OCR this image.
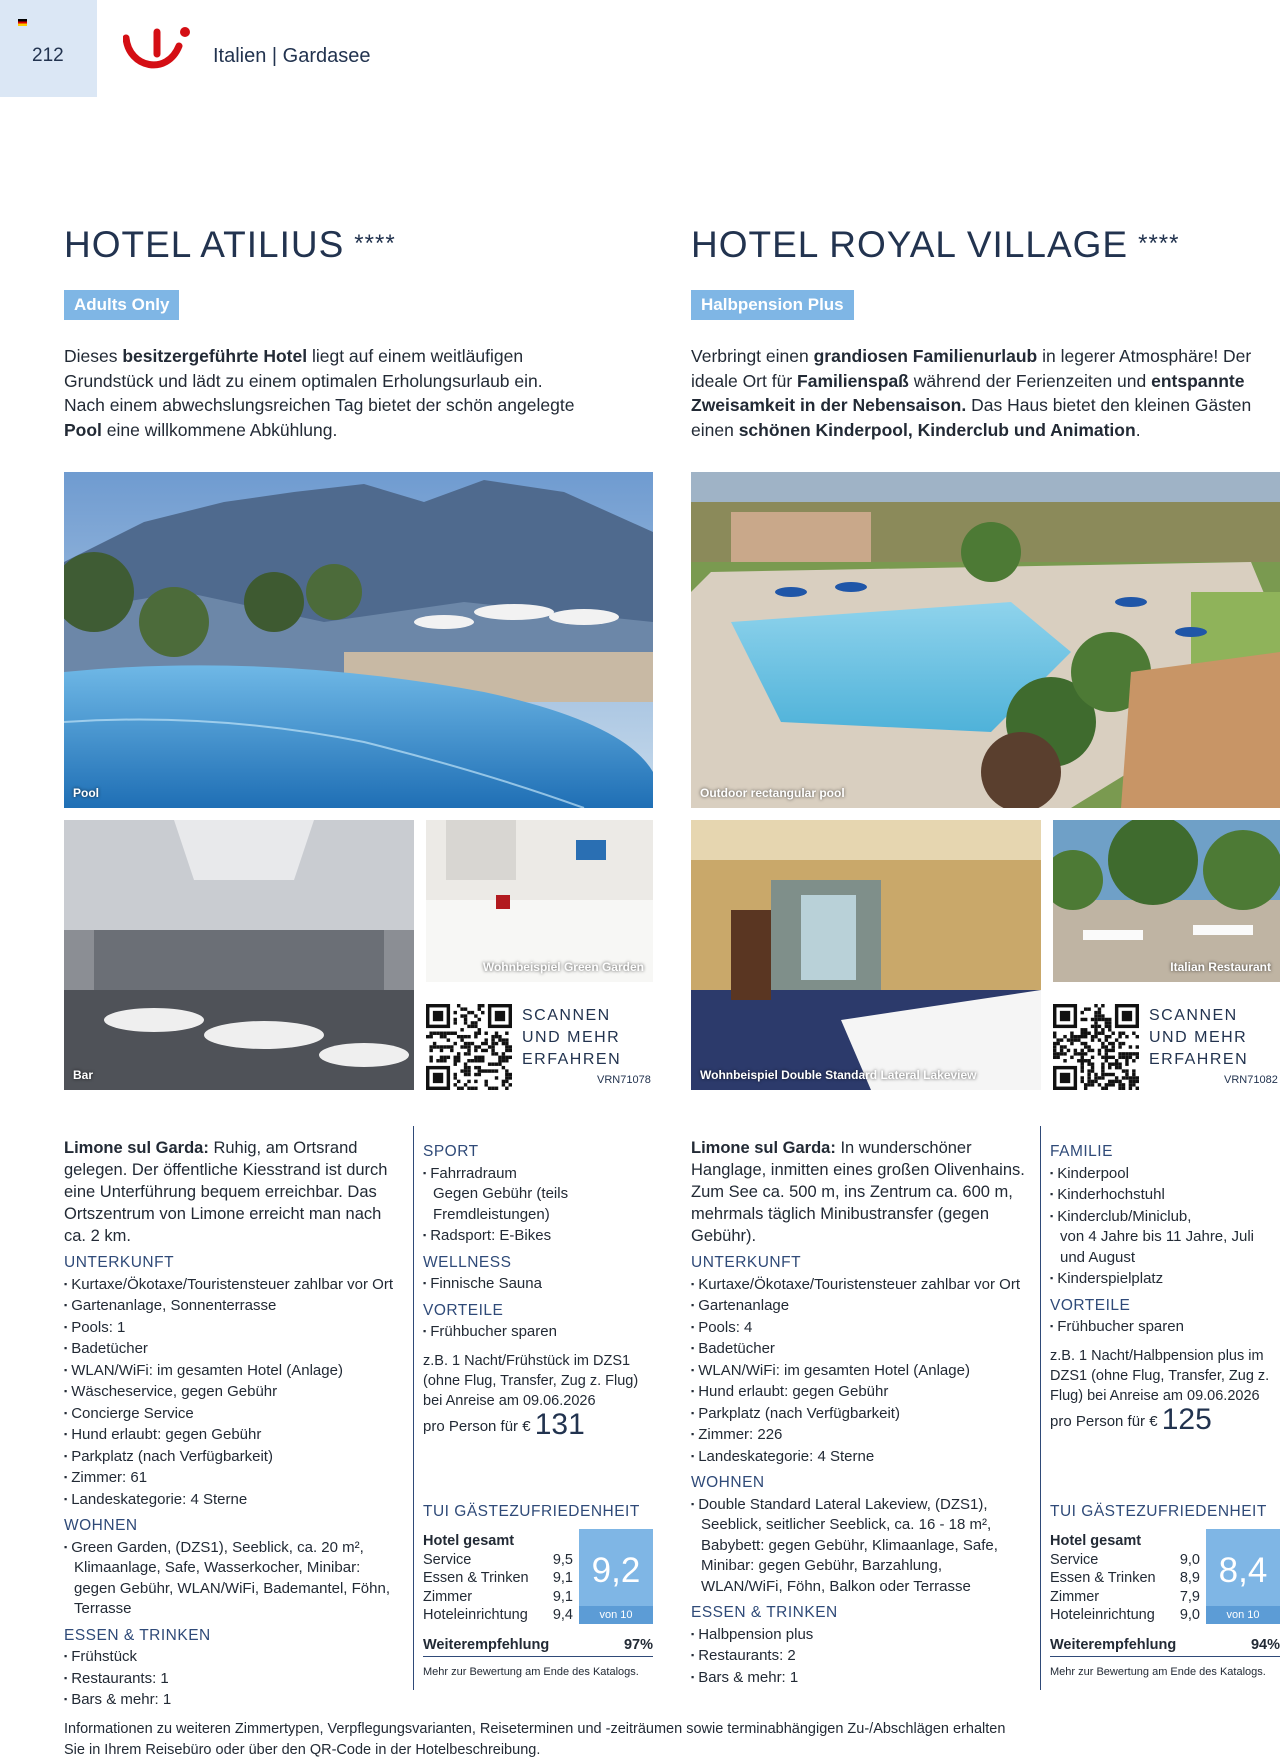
212	Italien | Gardasee
HOTEL ATILIUS ****
Adults Only
Dieses besitzergeführte Hotel liegt auf einem weitläufigen Grundstück und lädt zu einem optimalen Erholungsurlaub ein. Nach einem abwechslungsreichen Tag bietet der schön angelegte Pool eine willkommene Abkühlung.
Pool
Bar
Wohnbeispiel Green Garden
SCANNEN
UND MEHR
ERFAHREN
VRN71078
Limone sul Garda: Ruhig, am Ortsrand gelegen. Der öffentliche Kiesstrand ist durch eine Unterführung bequem erreichbar. Das Ortszentrum von Limone erreicht man nach ca. 2 km.
UNTERKUNFT
▪ Kurtaxe/Ökotaxe/Touristensteuer zahlbar vor Ort
▪ Gartenanlage, Sonnenterrasse
▪ Pools: 1
▪ Badetücher
▪ WLAN/WiFi: im gesamten Hotel (Anlage)
▪ Wäscheservice, gegen Gebühr
▪ Concierge Service
▪ Hund erlaubt: gegen Gebühr
▪ Parkplatz (nach Verfügbarkeit)
▪ Zimmer: 61
▪ Landeskategorie: 4 Sterne
WOHNEN
▪ Green Garden, (DZS1), Seeblick, ca. 20 m², Klimaanlage, Safe, Wasserkocher, Minibar: gegen Gebühr, WLAN/WiFi, Bademantel, Föhn, Terrasse
ESSEN & TRINKEN
▪ Frühstück
▪ Restaurants: 1
▪ Bars & mehr: 1
SPORT
▪ Fahrradraum
Gegen Gebühr (teils Fremdleistungen)
▪ Radsport: E-Bikes
WELLNESS
▪ Finnische Sauna
VORTEILE
▪ Frühbucher sparen
z.B. 1 Nacht/Frühstück im DZS1 (ohne Flug, Transfer, Zug z. Flug) bei Anreise am 09.06.2026
pro Person für € 131
TUI GÄSTEZUFRIEDENHEIT
Hotel gesamt
Service	9,5
Essen & Trinken 9,1
Zimmer	9,1
Hoteleinrichtung 9,4
9,2
von 10
Weiterempfehlung	97%
Mehr zur Bewertung am Ende des Katalogs.
HOTEL ROYAL VILLAGE ****
Halbpension Plus
Verbringt einen grandiosen Familienurlaub in legerer Atmosphäre! Der ideale Ort für Familienspaß während der Ferienzeiten und entspannte Zweisamkeit in der Nebensaison. Das Haus bietet den kleinen Gästen einen schönen Kinderpool, Kinderclub und Animation.
Outdoor rectangular pool
Wohnbeispiel Double Standard Lateral Lakeview
Italian Restaurant
SCANNEN
UND MEHR
ERFAHREN
VRN71082
Limone sul Garda: In wunderschöner Hanglage, inmitten eines großen Olivenhains. Zum See ca. 500 m, ins Zentrum ca. 600 m, mehrmals täglich Minibustransfer (gegen Gebühr).
UNTERKUNFT
▪ Kurtaxe/Ökotaxe/Touristensteuer zahlbar vor Ort
▪ Gartenanlage
▪ Pools: 4
▪ Badetücher
▪ WLAN/WiFi: im gesamten Hotel (Anlage)
▪ Hund erlaubt: gegen Gebühr
▪ Parkplatz (nach Verfügbarkeit)
▪ Zimmer: 226
▪ Landeskategorie: 4 Sterne
WOHNEN
▪ Double Standard Lateral Lakeview, (DZS1), Seeblick, seitlicher Seeblick, ca. 16 - 18 m², Babybett: gegen Gebühr, Klimaanlage, Safe, Minibar: gegen Gebühr, Barzahlung, WLAN/WiFi, Föhn, Balkon oder Terrasse
ESSEN & TRINKEN
▪ Halbpension plus
▪ Restaurants: 2
▪ Bars & mehr: 1
FAMILIE
▪ Kinderpool
▪ Kinderhochstuhl
▪ Kinderclub/Miniclub,
von 4 Jahre bis 11 Jahre, Juli und August
▪ Kinderspielplatz
VORTEILE
▪ Frühbucher sparen
z.B. 1 Nacht/Halbpension plus im DZS1 (ohne Flug, Transfer, Zug z. Flug) bei Anreise am 09.06.2026
pro Person für € 125
TUI GÄSTEZUFRIEDENHEIT
Hotel gesamt
Service	9,0
Essen & Trinken 8,9
Zimmer	7,9
Hoteleinrichtung 9,0
8,4
von 10
Weiterempfehlung	94%
Mehr zur Bewertung am Ende des Katalogs.
Informationen zu weiteren Zimmertypen, Verpflegungsvarianten, Reiseterminen und -zeiträumen sowie terminabhängigen Zu-/Abschlägen erhalten Sie in Ihrem Reisebüro oder über den QR-Code in der Hotelbeschreibung.
